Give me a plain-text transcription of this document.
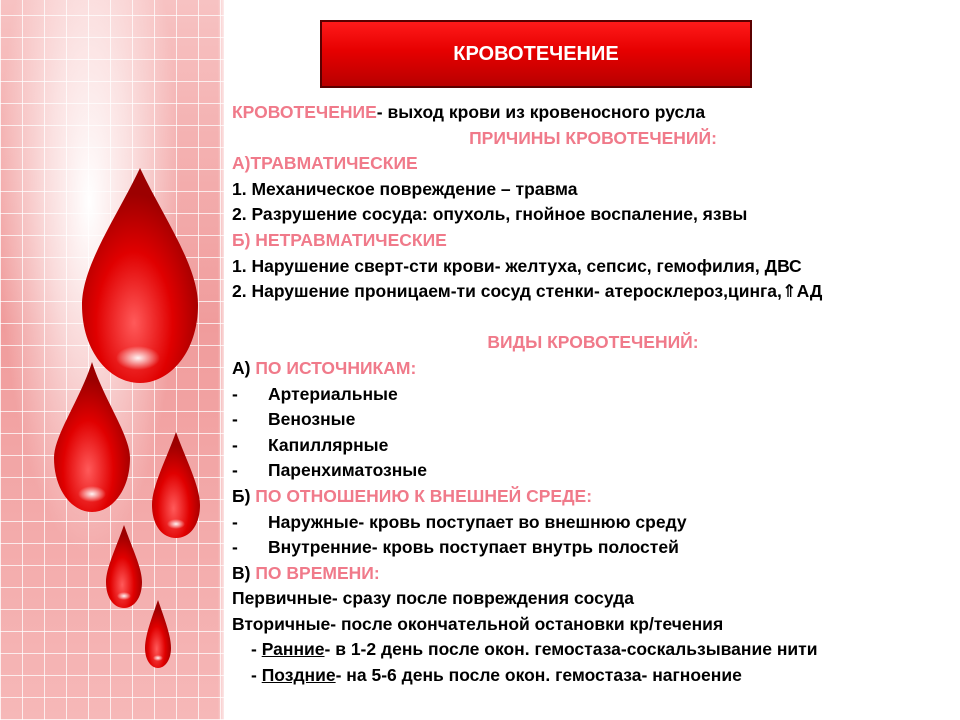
КРОВОТЕЧЕНИЕ
КРОВОТЕЧЕНИЕ- выход крови из кровеносного русла
ПРИЧИНЫ КРОВОТЕЧЕНИЙ:
А)ТРАВМАТИЧЕСКИЕ
1. Механическое повреждение – травма
2. Разрушение сосуда: опухоль, гнойное воспаление, язвы
Б) НЕТРАВМАТИЧЕСКИЕ
1. Нарушение сверт-сти крови- желтуха, сепсис, гемофилия, ДВС
2. Нарушение проницаем-ти сосуд стенки- атеросклероз,цинга,⇑АД
ВИДЫ КРОВОТЕЧЕНИЙ:
А) ПО ИСТОЧНИКАМ:
- Артериальные
- Венозные
- Капиллярные
- Паренхиматозные
Б) ПО ОТНОШЕНИЮ К ВНЕШНЕЙ СРЕДЕ:
- Наружные- кровь поступает во внешнюю среду
- Внутренние- кровь поступает внутрь полостей
В) ПО ВРЕМЕНИ:
Первичные- сразу после повреждения сосуда
Вторичные- после окончательной остановки кр/течения
- Ранние- в 1-2 день после окон. гемостаза-соскальзывание нити
- Поздние- на 5-6 день после окон. гемостаза- нагноение
